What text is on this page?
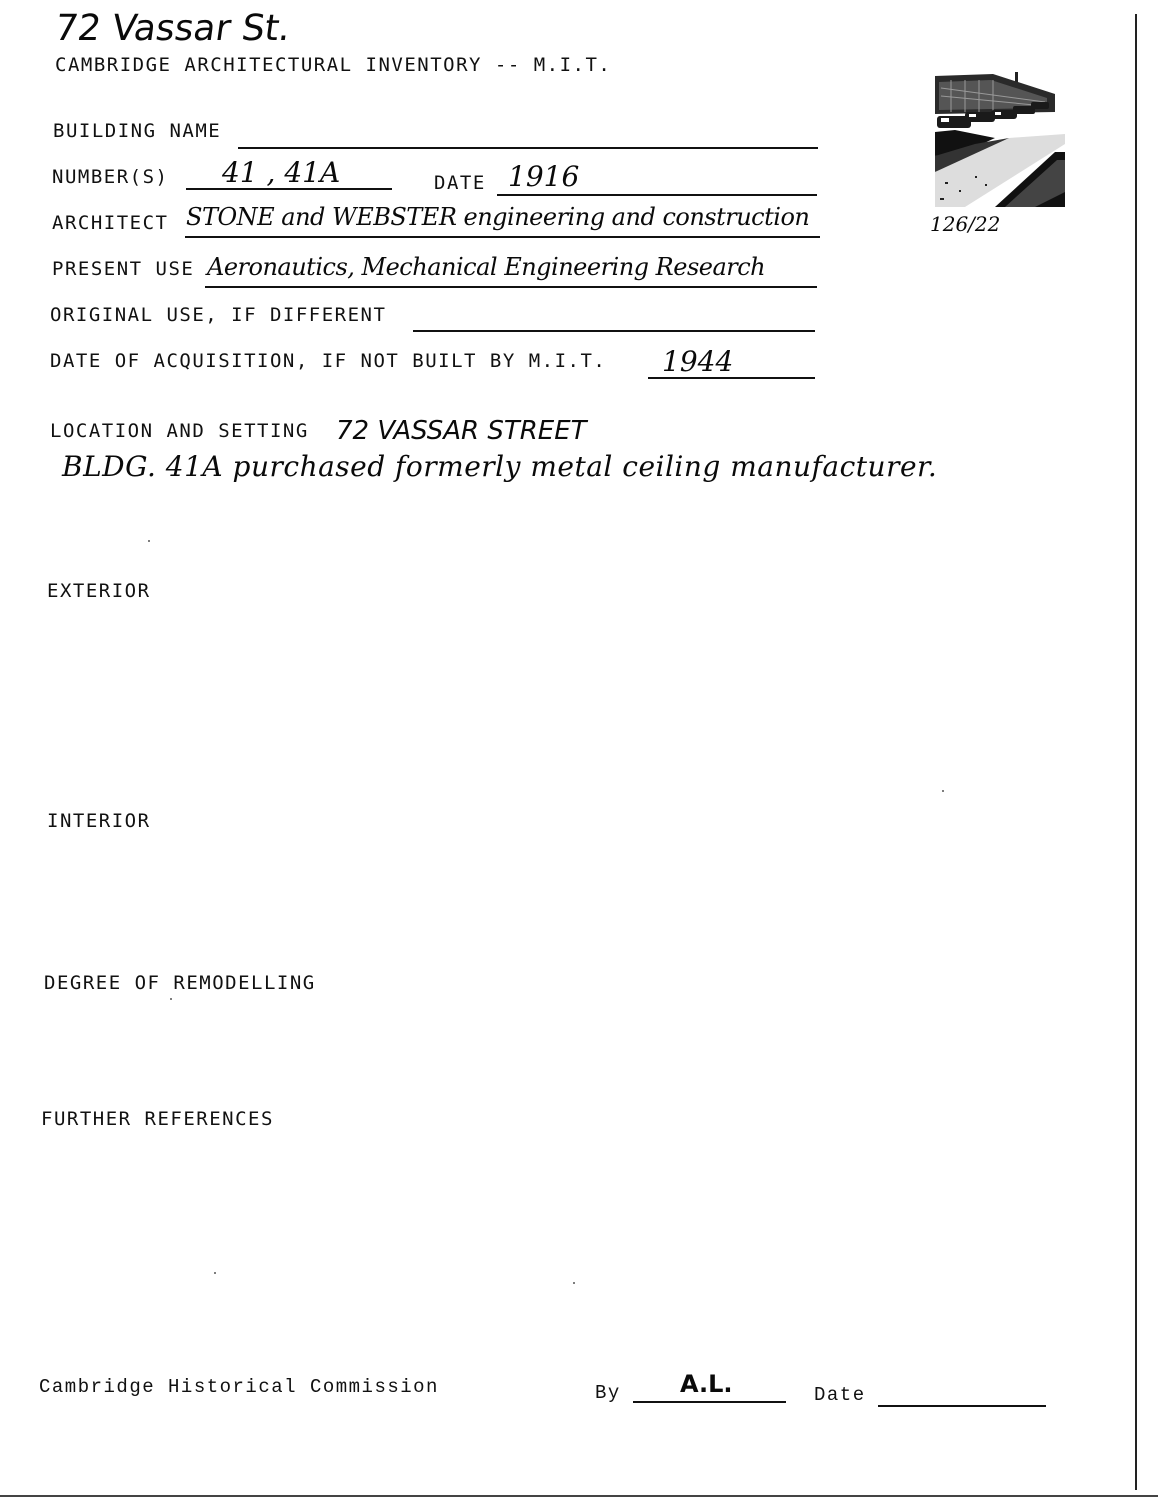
72 Vassar St.
CAMBRIDGE ARCHITECTURAL INVENTORY -- M.I.T.
BUILDING NAME
NUMBER(S) 41 , 41A	DATE 1916
ARCHITECT STONE and WEBSTER engineering and construction
PRESENT USE Aeronautics, Mechanical Engineering Research
ORIGINAL USE, IF DIFFERENT
DATE OF ACQUISITION, IF NOT BUILT BY M.I.T. 1944
LOCATION AND SETTING 72 VASSAR STREET
BLDG. 41A purchased formerly metal ceiling manufacturer.
126/22
EXTERIOR
INTERIOR
DEGREE OF REMODELLING
FURTHER REFERENCES
Cambridge Historical Commission	By A.L.	Date
